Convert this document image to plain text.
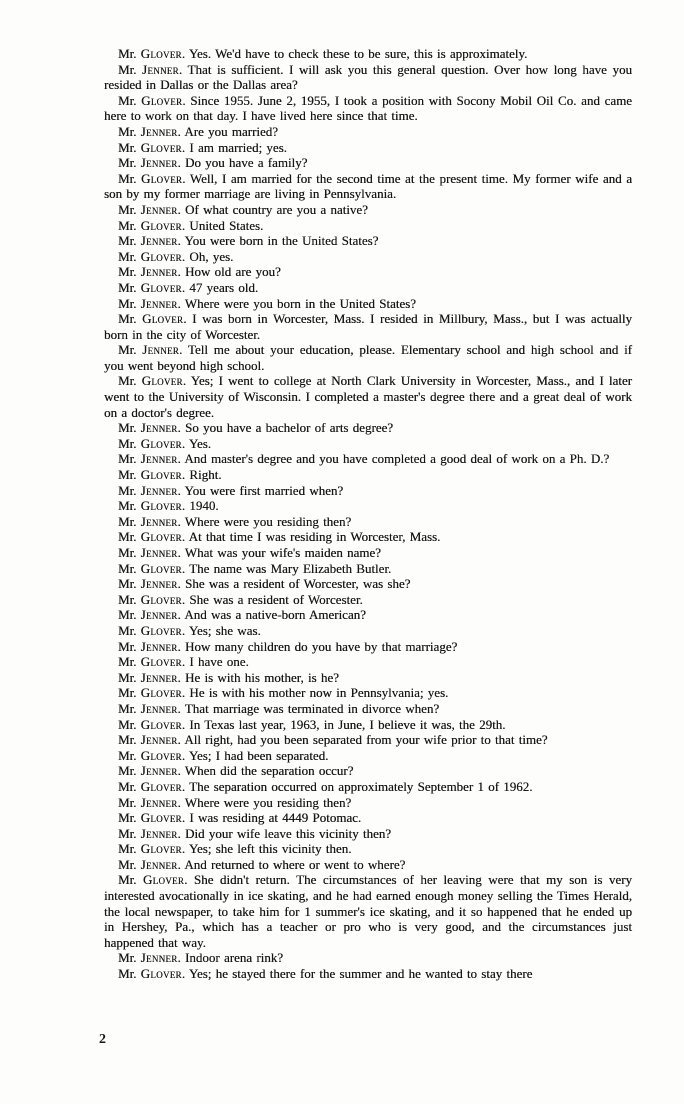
Mr. Glover. Yes. We'd have to check these to be sure, this is approximately.

Mr. Jenner. That is sufficient. I will ask you this general question. Over how long have you resided in Dallas or the Dallas area?

Mr. Glover. Since 1955. June 2, 1955, I took a position with Socony Mobil Oil Co. and came here to work on that day. I have lived here since that time.

Mr. Jenner. Are you married?

Mr. Glover. I am married; yes.

Mr. Jenner. Do you have a family?

Mr. Glover. Well, I am married for the second time at the present time. My former wife and a son by my former marriage are living in Pennsylvania.

Mr. Jenner. Of what country are you a native?

Mr. Glover. United States.

Mr. Jenner. You were born in the United States?

Mr. Glover. Oh, yes.

Mr. Jenner. How old are you?

Mr. Glover. 47 years old.

Mr. Jenner. Where were you born in the United States?

Mr. Glover. I was born in Worcester, Mass. I resided in Millbury, Mass., but I was actually born in the city of Worcester.

Mr. Jenner. Tell me about your education, please. Elementary school and high school and if you went beyond high school.

Mr. Glover. Yes; I went to college at North Clark University in Worcester, Mass., and I later went to the University of Wisconsin. I completed a master's degree there and a great deal of work on a doctor's degree.

Mr. Jenner. So you have a bachelor of arts degree?

Mr. Glover. Yes.

Mr. Jenner. And master's degree and you have completed a good deal of work on a Ph. D.?

Mr. Glover. Right.

Mr. Jenner. You were first married when?

Mr. Glover. 1940.

Mr. Jenner. Where were you residing then?

Mr. Glover. At that time I was residing in Worcester, Mass.

Mr. Jenner. What was your wife's maiden name?

Mr. Glover. The name was Mary Elizabeth Butler.

Mr. Jenner. She was a resident of Worcester, was she?

Mr. Glover. She was a resident of Worcester.

Mr. Jenner. And was a native-born American?

Mr. Glover. Yes; she was.

Mr. Jenner. How many children do you have by that marriage?

Mr. Glover. I have one.

Mr. Jenner. He is with his mother, is he?

Mr. Glover. He is with his mother now in Pennsylvania; yes.

Mr. Jenner. That marriage was terminated in divorce when?

Mr. Glover. In Texas last year, 1963, in June, I believe it was, the 29th.

Mr. Jenner. All right, had you been separated from your wife prior to that time?

Mr. Glover. Yes; I had been separated.

Mr. Jenner. When did the separation occur?

Mr. Glover. The separation occurred on approximately September 1 of 1962.

Mr. Jenner. Where were you residing then?

Mr. Glover. I was residing at 4449 Potomac.

Mr. Jenner. Did your wife leave this vicinity then?

Mr. Glover. Yes; she left this vicinity then.

Mr. Jenner. And returned to where or went to where?

Mr. Glover. She didn't return. The circumstances of her leaving were that my son is very interested avocationally in ice skating, and he had earned enough money selling the Times Herald, the local newspaper, to take him for 1 summer's ice skating, and it so happened that he ended up in Hershey, Pa., which has a teacher or pro who is very good, and the circumstances just happened that way.

Mr. Jenner. Indoor arena rink?

Mr. Glover. Yes; he stayed there for the summer and he wanted to stay there

2
